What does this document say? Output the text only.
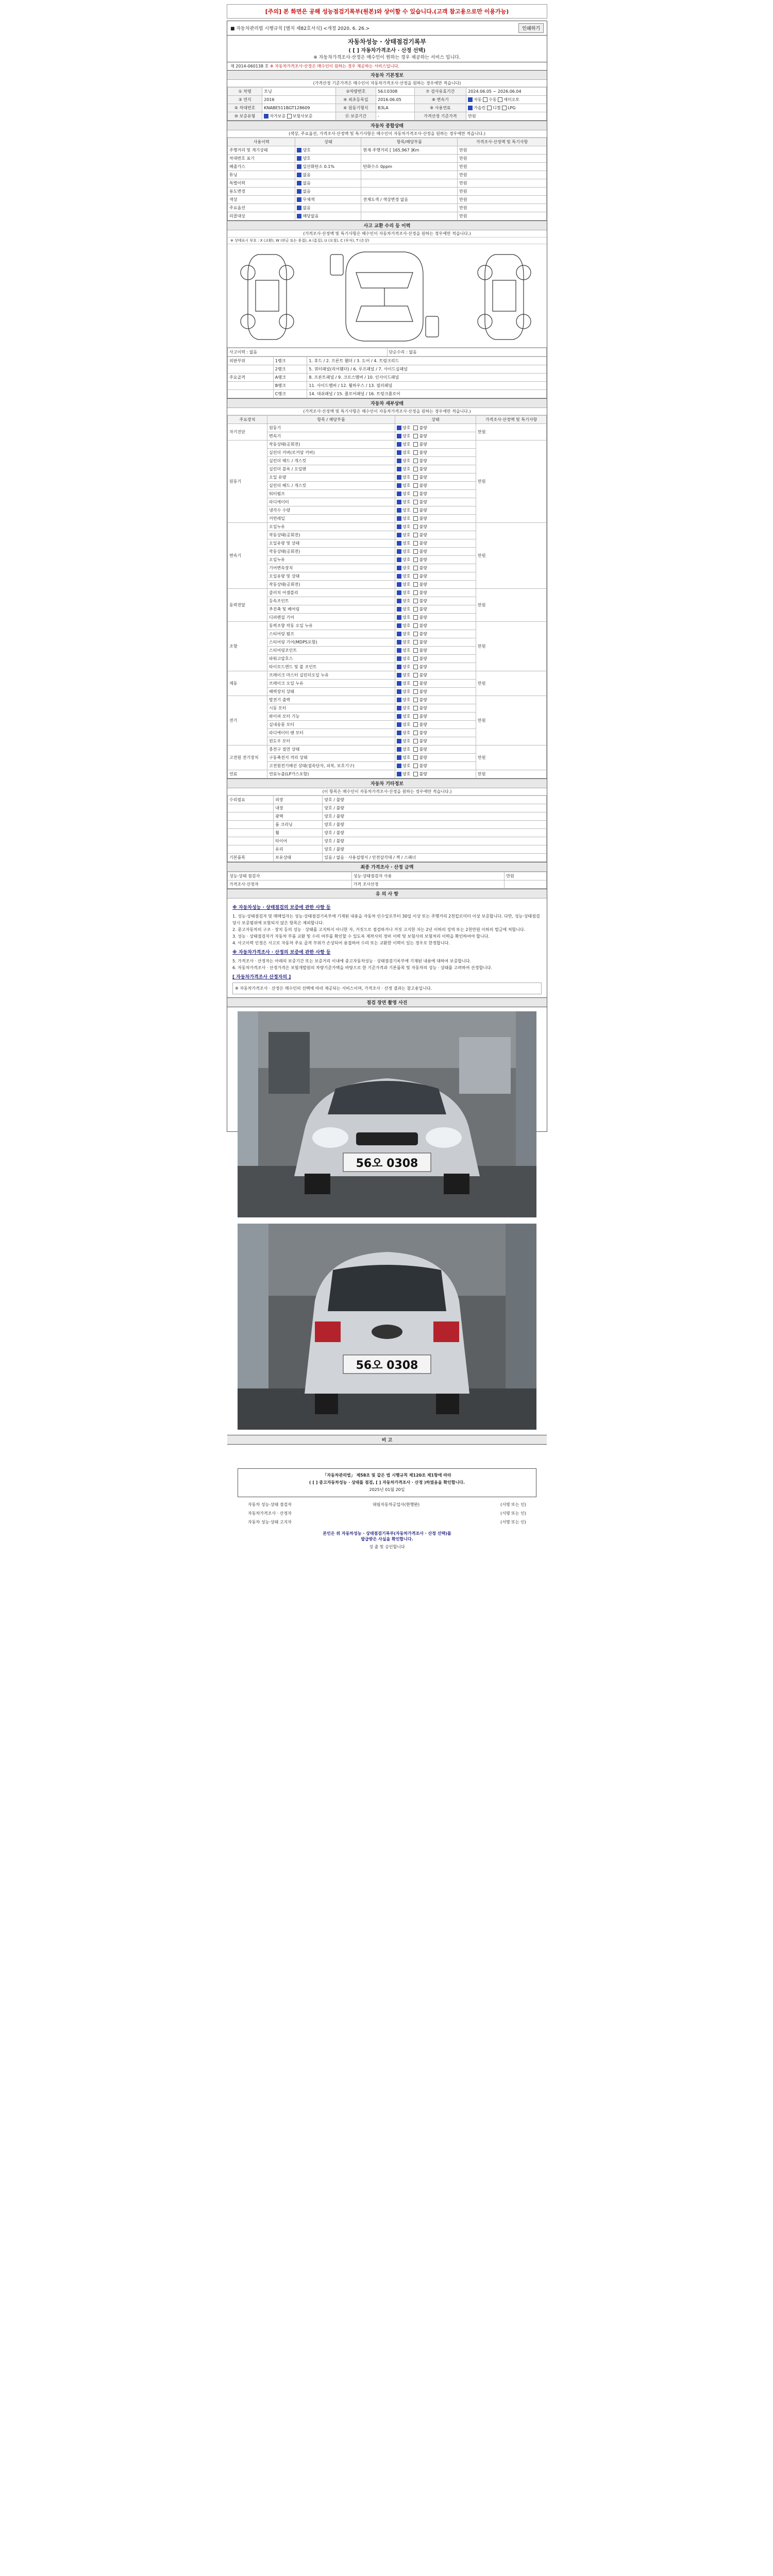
[주의] 본 화면은 공해 성능점검기록부(원본)와 상이할 수 있습니다.(고객 참고용으로만 이용가능)
■ 자동차관리법 시행규칙 [별지 제82호서식] <개정 2020. 6. 26.>	인쇄하기
자동차성능 · 상태점검기록부
( [ ] 자동차가격조사 · 산정 선택)
※ 자동차가격조사·산정은 매수인이 원하는 경우 제공하는 서비스 입니다.
제 2014-060138 호 ※ 자동차가격조사·산정은 매수인이 원하는 경우 제공하는 서비스입니다.
자동차 기본정보
(가격산정 기준가격은 매수인이 자동차가격조사·산정을 원하는 경우에만 적습니다)
① 차명	모닝	②차량번호	56오0308	⑦ 검사유효기간	2024.06.05 ~ 2026.06.04
③ 연식	2016	④ 최초등록일	2016.06.05	⑧ 변속기	자동 수동 세미오토
⑤ 차대번호	KNABE511BGT128609	⑥ 원동기형식	B3LA	⑨ 사용연료	가솔린 디젤 LPG
⑩ 보증유형	자가보증 보험사보증	⑪ 보증기간	-	가격산정 기준가격	만원
자동차 종합상태
(색상, 주요옵션, 가격조사·산정액 및 특기사항은 매수인이 자동차가격조사·산정을 원하는 경우에만 적습니다.)
사용이력	상태	항목/해당부품	가격조사·산정액 및 특기사항
주행거리 및 계기상태	양호	현재 주행거리 [ 165,967 ]Km	만원
차대번호 표기	양호		만원
배출가스	일산화탄소 0.1%	탄화수소 0ppm	만원
튜닝	없음		만원
특별이력	없음		만원
용도변경	없음		만원
색상	무채색	전체도색 / 색상변경 없음	만원
주요옵션	없음		만원
리콜대상	해당없음		만원
사고 교환 수리 등 이력
(가격조사·산정액 및 특기사항은 매수인이 자동차가격조사·산정을 원하는 경우에만 적습니다.)
※ 상태표시 부호 : X (교환), W (판금 또는 용접), A (흠집), U (요철), C (부식), T (손상)
사고이력 : 없음	단순수리 : 없음
외판부위	1랭크	1. 후드 / 2. 프론트 휀더 / 3. 도어 / 4. 트렁크리드
	2랭크	5. 쿼터패널(리어휀더) / 6. 루프패널 / 7. 사이드실패널
주요골격	A랭크	8. 프론트패널 / 9. 크로스멤버 / 10. 인사이드패널
	B랭크	11. 사이드멤버 / 12. 휠하우스 / 13. 필러패널
	C랭크	14. 대쉬패널 / 15. 플로어패널 / 16. 트렁크플로어
자동차 세부상태
(가격조사·산정액 및 특기사항은 매수인이 자동차가격조사·산정을 원하는 경우에만 적습니다.)
주요장치	항목 / 해당부품	상태	가격조사·산정액 및 특기사항
자기진단	원동기	양호 불량	만원
	변속기	양호 불량	
원동기	작동상태(공회전)	양호 불량	만원
	실린더 커버(로커암 커버)	양호 불량	
	실린더 헤드 / 개스킷	양호 불량	
	실린더 블록 / 오일팬	양호 불량	
	오일 유량	양호 불량	
	실린더 헤드 / 개스킷	양호 불량	
	워터펌프	양호 불량	
	라디에이터	양호 불량	
	냉각수 수량	양호 불량	
	커먼레일	양호 불량	
변속기	오일누유	양호 불량	만원
	작동상태(공회전)	양호 불량	
	오일유량 및 상태	양호 불량	
	작동상태(공회전)	양호 불량	
	오일누유	양호 불량	
	기어변속장치	양호 불량	
	오일유량 및 상태	양호 불량	
	작동상태(공회전)	양호 불량	
동력전달	클러치 어셈블리	양호 불량	만원
	등속조인트	양호 불량	
	추진축 및 베어링	양호 불량	
	디퍼렌셜 기어	양호 불량	
조향	동력조향 작동 오일 누유	양호 불량	만원
	스티어링 펌프	양호 불량	
	스티어링 기어(MDPS포함)	양호 불량	
	스티어링조인트	양호 불량	
	파워고압호스	양호 불량	
	타이로드엔드 및 볼 조인트	양호 불량	
제동	브레이크 마스터 실린더오일 누유	양호 불량	만원
	브레이크 오일 누유	양호 불량	
	배력장치 상태	양호 불량	
전기	발전기 출력	양호 불량	만원
	시동 모터	양호 불량	
	와이퍼 모터 기능	양호 불량	
	실내송풍 모터	양호 불량	
	라디에이터 팬 모터	양호 불량	
	윈도우 모터	양호 불량	
고전원 전기장치	충전구 절연 상태	양호 불량	만원
	구동축전지 격리 상태	양호 불량	
	고전원전기배선 상태(접속단자, 피복, 보호기구)	양호 불량	
연료	연료누출(LP가스포함)	양호 불량	만원
자동차 기타정보
(이 항목은 매수인이 자동차가격조사·산정을 원하는 경우에만 적습니다.)
수리필요	외장	양호 / 불량
	내장	양호 / 불량
	광택	양호 / 불량
	룸 크리닝	양호 / 불량
	휠	양호 / 불량
	타이어	양호 / 불량
	유리	양호 / 불량
기본품목	보유상태	있음 / 없음 · 사용설명서 / 안전삼각대 / 잭 / 스패너
최종 가격조사 · 산정 금액
성능·상태 점검자	성능·상태점검자 사용	만원
가격조사·산정자	가격 조사산정	
유 의 사 항
※ 자동차성능 · 상태점검의 보증에 관한 사항 등
1. 성능·상태점검자 및 매매업자는 성능·상태점검기록부에 기재된 내용을 자동차 인수일로부터 30일 이상 또는 주행거리 2천킬로미터 이상 보증합니다. 다만, 성능·상태점검 당시 보증범위에 포함되지 않은 항목은 제외합니다.
2. 중고자동차의 구조 · 장치 등의 성능 · 상태를 고지하지 아니한 자, 거짓으로 점검하거나 거짓 고지한 자는 2년 이하의 징역 또는 2천만원 이하의 벌금에 처합니다.
3. 성능 · 상태점검자가 자동차 부품 교환 및 수리 여부를 확인할 수 있도록 제작사의 정비 이력 및 보험사의 보험처리 이력을 확인하여야 합니다.
4. 사고이력 인정은 사고로 자동차 주요 골격 부위가 손상되어 용접하여 수리 또는 교환한 이력이 있는 경우로 한정합니다.
※ 자동차가격조사 · 산정의 보증에 관한 사항 등
5. 가격조사 · 산정자는 아래의 보증기간 또는 보증거리 이내에 중고자동차성능 · 상태점검기록부에 기재된 내용에 대하여 보증합니다.
6. 자동차가격조사 · 산정가격은 보험개발원의 차량기준가액을 바탕으로 한 기준가격과 기본품목 및 자동차의 성능 · 상태를 고려하여 산정합니다.
[ 자동차가격조사 산정자의 ]
※ 자동차가격조사 · 산정은 매수인의 선택에 따라 제공되는 서비스이며, 가격조사 · 산정 결과는 참고용입니다.
점검 장면 촬영 사진
56오 0308
56오 0308
비 고
「자동차관리법」 제58조 및 같은 법 시행규칙 제120조 제1항에 따라
( [ ] 중고자동차성능 · 상태를 점검, [ ] 자동차가격조사 · 산정 )하였음을 확인합니다.
2025년 01월 20일
자동차 성능·상태 점검자	대림자동차공업사(현행완)	(서명 또는 인)
자동차가격조사 · 산정자	(서명 또는 인)
자동차 성능·상태 고지자	(서명 또는 인)
본인은 위 자동차성능 · 상태점검기록부(자동차가격조사 · 산정 선택)를
발급받은 사실을 확인합니다.
성 출 및 승인합니다
